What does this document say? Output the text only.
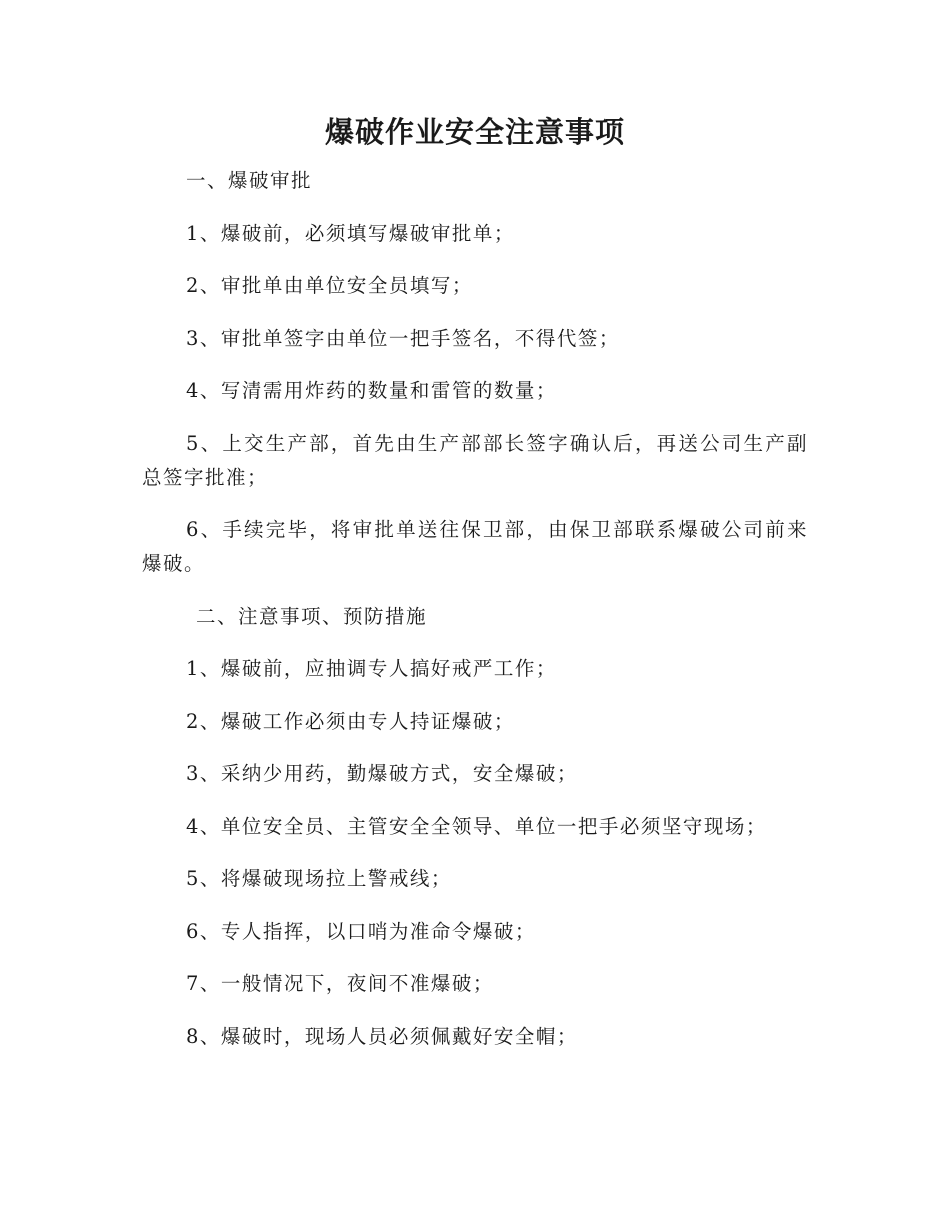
爆破作业安全注意事项

一、爆破审批

1、爆破前，必须填写爆破审批单；

2、审批单由单位安全员填写；

3、审批单签字由单位一把手签名，不得代签；

4、写清需用炸药的数量和雷管的数量；

5、上交生产部，首先由生产部部长签字确认后，再送公司生产副总签字批准；

6、手续完毕，将审批单送往保卫部，由保卫部联系爆破公司前来爆破。

二、注意事项、预防措施

1、爆破前，应抽调专人搞好戒严工作；

2、爆破工作必须由专人持证爆破；

3、采纳少用药，勤爆破方式，安全爆破；

4、单位安全员、主管安全全领导、单位一把手必须坚守现场；

5、将爆破现场拉上警戒线；

6、专人指挥，以口哨为准命令爆破；

7、一般情况下，夜间不准爆破；

8、爆破时，现场人员必须佩戴好安全帽；
